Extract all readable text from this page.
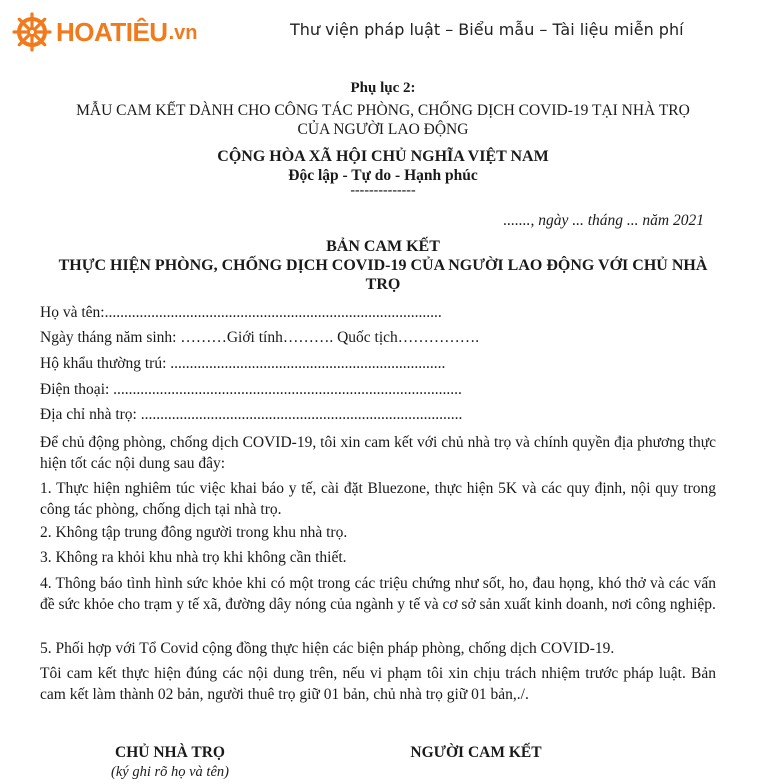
HOATIÊU .vn	Thư viện pháp luật – Biểu mẫu – Tài liệu miễn phí
Phụ lục 2:
MẪU CAM KẾT DÀNH CHO CÔNG TÁC PHÒNG, CHỐNG DỊCH COVID-19 TẠI NHÀ TRỌ
CỦA NGƯỜI LAO ĐỘNG
CỘNG HÒA XÃ HỘI CHỦ NGHĨA VIỆT NAM
Độc lập - Tự do - Hạnh phúc
--------------
......., ngày ... tháng ... năm 2021
BẢN CAM KẾT
THỰC HIỆN PHÒNG, CHỐNG DỊCH COVID-19 CỦA NGƯỜI LAO ĐỘNG VỚI CHỦ NHÀ
TRỌ
Họ và tên:.......................................................................................
Ngày tháng năm sinh: ………Giới tính………. Quốc tịch…………….
Hộ khẩu thường trú: .......................................................................
Điện thoại: ..........................................................................................
Địa chỉ nhà trọ: ...................................................................................
Để chủ động phòng, chống dịch COVID-19, tôi xin cam kết với chủ nhà trọ và chính quyền địa phương thực hiện tốt các nội dung sau đây:
1. Thực hiện nghiêm túc việc khai báo y tế, cài đặt Bluezone, thực hiện 5K và các quy định, nội quy trong công tác phòng, chống dịch tại nhà trọ.
2. Không tập trung đông người trong khu nhà trọ.
3. Không ra khỏi khu nhà trọ khi không cần thiết.
4. Thông báo tình hình sức khỏe khi có một trong các triệu chứng như sốt, ho, đau họng, khó thở và các vấn đề sức khỏe cho trạm y tế xã, đường dây nóng của ngành y tế và cơ sở sản xuất kinh doanh, nơi công nghiệp.
5. Phối hợp với Tổ Covid cộng đồng thực hiện các biện pháp phòng, chống dịch COVID-19.
Tôi cam kết thực hiện đúng các nội dung trên, nếu vi phạm tôi xin chịu trách nhiệm trước pháp luật. Bản cam kết làm thành 02 bản, người thuê trọ giữ 01 bản, chủ nhà trọ giữ 01 bản,./.
CHỦ NHÀ TRỌ
(ký ghi rõ họ và tên)
NGƯỜI CAM KẾT
